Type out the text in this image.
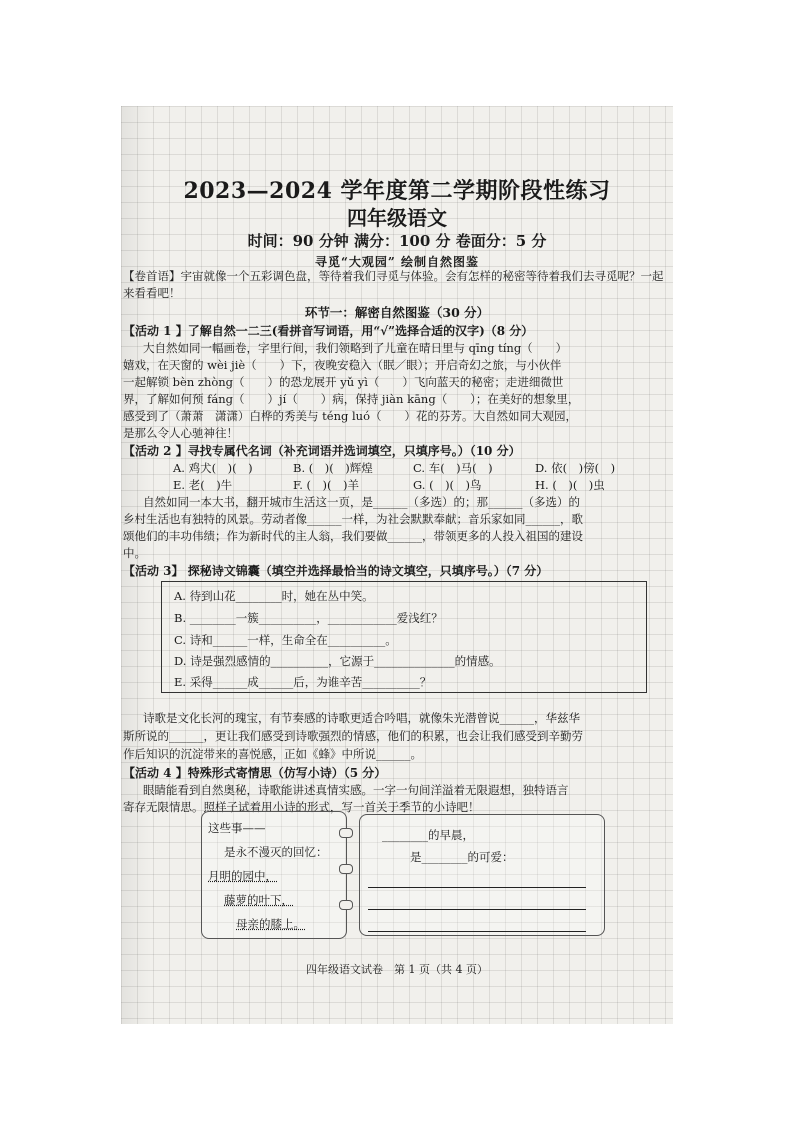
2023—2024 学年度第二学期阶段性练习
四年级语文
时间：90 分钟 满分：100 分 卷面分：5 分
寻觅“大观园” 绘制自然图鉴
【卷首语】宇宙就像一个五彩调色盘，等待着我们寻觅与体验。会有怎样的秘密等待着我们去寻觅呢？一起来看看吧！
环节一：解密自然图鉴（30 分）
【活动 1 】了解自然一二三(看拼音写词语，用“√”选择合适的汉字)（8 分）
大自然如同一幅画卷，字里行间，我们领略到了儿童在晴日里与 qīng tíng（　　）
嬉戏，在天窗的 wèi jiè（　　）下，夜晚安稳入（眠／眼）；开启奇幻之旅，与小伙伴
一起解锁 bèn zhòng（　　）的恐龙展开 yǔ yì（　　）飞向蓝天的秘密；走进细微世
界，了解如何预 fáng（　　）jí（　　）病，保持 jiàn kāng（　　）；在美好的想象里，
感受到了（萧萧　潇潇）白桦的秀美与 téng luó（　　）花的芬芳。大自然如同大观园，
是那么令人心驰神往！
【活动 2 】寻找专属代名词（补充词语并选词填空，只填序号。）（10 分）
A. 鸡犬(　)(　)	B. (　)(　)辉煌	C. 车(　)马(　)	D. 依(　)傍(　)
E. 老(　)牛	F. (　)(　)羊	G. (　)(　)鸟	H. (　)(　)虫
自然如同一本大书，翻开城市生活这一页，是______（多选）的；那______（多选）的
乡村生活也有独特的风景。劳动者像______一样，为社会默默奉献；音乐家如同______，歌
颂他们的丰功伟绩；作为新时代的主人翁，我们要做______，带领更多的人投入祖国的建设
中。
【活动 3】 探秘诗文锦囊（填空并选择最恰当的诗文填空，只填序号。）（7 分）
A. 待到山花________时，她在丛中笑。
B. ________一簇__________，____________爱浅红？
C. 诗和______一样，生命全在__________。
D. 诗是强烈感情的__________，它源于______________的情感。
E. 采得______成______后，为谁辛苦__________？
诗歌是文化长河的瑰宝，有节奏感的诗歌更适合吟唱，就像朱光潜曾说______，华兹华
斯所说的______，更让我们感受到诗歌强烈的情感，他们的积累，也会让我们感受到辛勤劳
作后知识的沉淀带来的喜悦感，正如《蜂》中所说______。
【活动 4 】特殊形式寄情思（仿写小诗）（5 分）
眼睛能看到自然奥秘，诗歌能讲述真情实感。一字一句间洋溢着无限遐想，独特语言
寄存无限情思。照样子试着用小诗的形式，写一首关于季节的小诗吧！
这些事——
是永不漫灭的回忆：
月明的园中，
藤萝的叶下，
母亲的膝上。
________的早晨，
是________的可爱：
四年级语文试卷　第 1 页（共 4 页）
